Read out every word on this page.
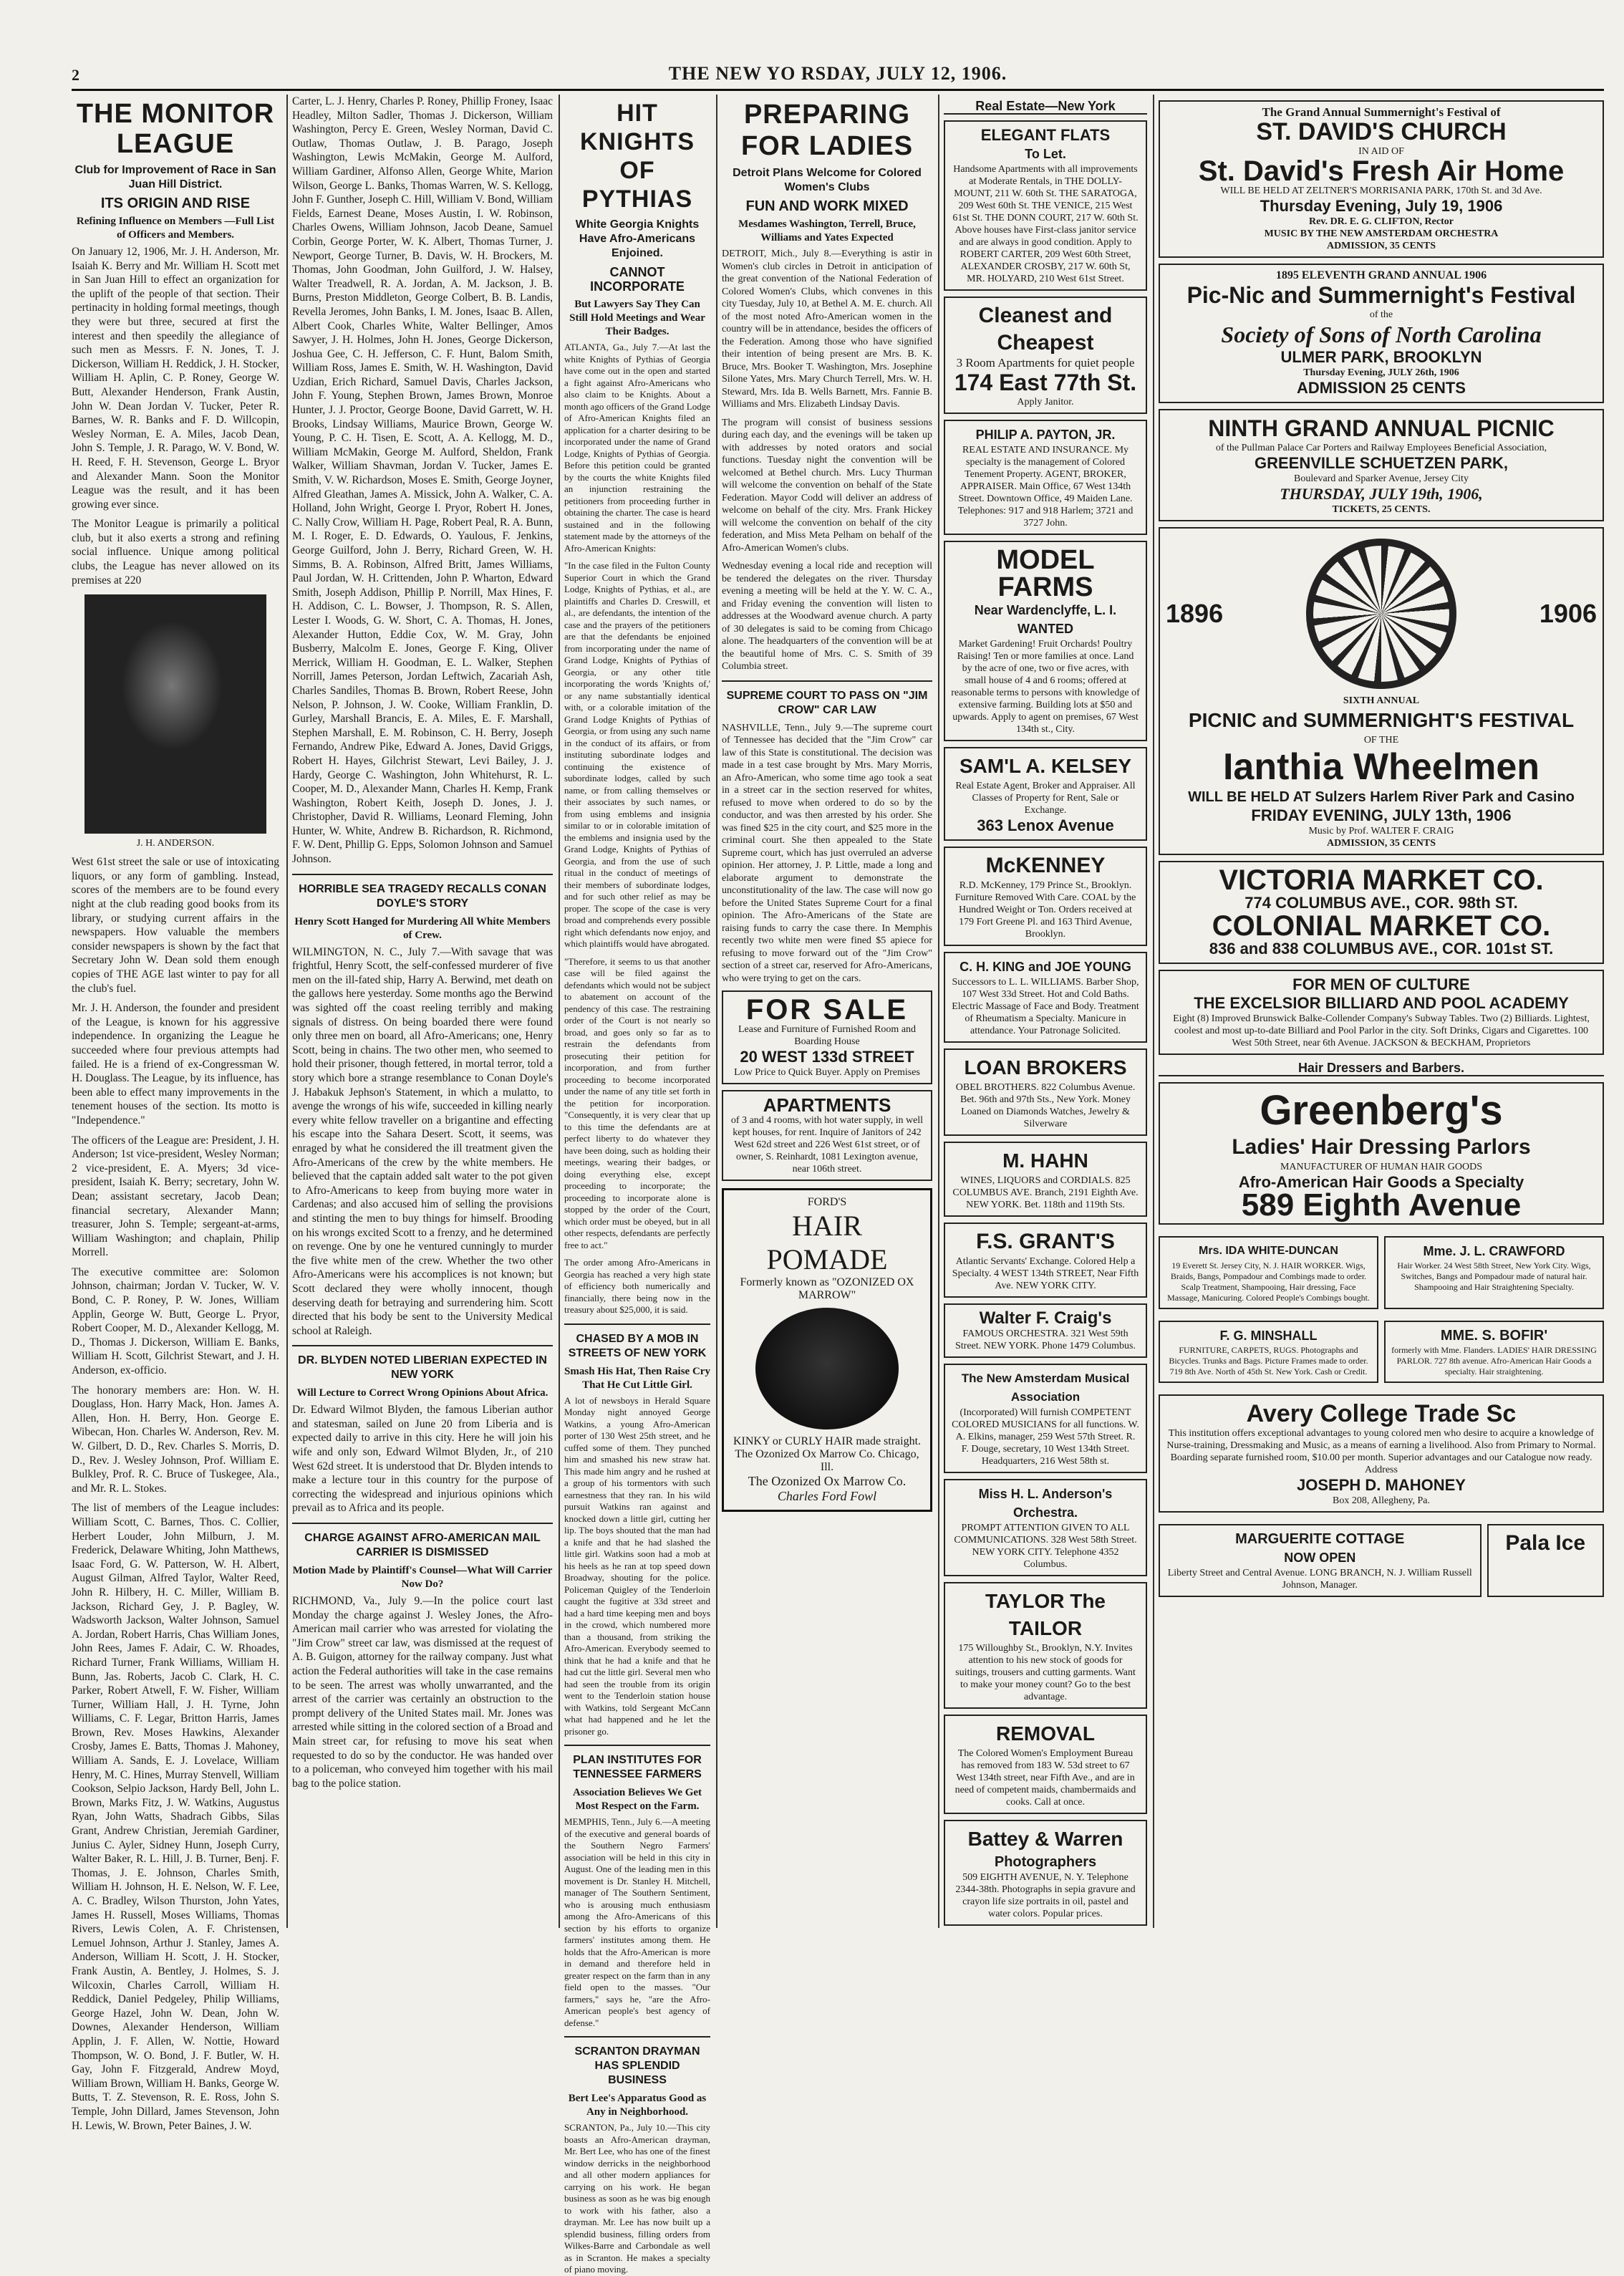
2	THE NEW YO RSDAY, JULY 12, 1906.
THE MONITOR LEAGUE
Club for Improvement of Race in San Juan Hill District.
ITS ORIGIN AND RISE
Refining Influence on Members —Full List of Officers and Members.

On January 12, 1906, Mr. J. H. Anderson, Mr. Isaiah K. Berry and Mr. William H. Scott met in San Juan Hill to effect an organization for the uplift of the people of that section. Their pertinacity in holding formal meetings, though they were but three, secured at first the interest and then speedily the allegiance of such men as Messrs. F. N. Jones, T. J. Dickerson, William H. Reddick, J. H. Stocker, William H. Aplin, C. P. Roney, George W. Butt, Alexander Henderson, Frank Austin, John W. Dean Jordan V. Tucker, Peter R. Barnes, W. R. Banks and F. D. Willcopin, Wesley Norman, E. A. Miles, Jacob Dean, John S. Temple, J. R. Parago, W. V. Bond, W. H. Reed, F. H. Stevenson, George L. Bryor and Alexander Mann. Soon the Monitor League was the result, and it has been growing ever since.

The Monitor League is primarily a political club, but it also exerts a strong and refining social influence. Unique among political clubs, the League has never allowed on its premises at 220

J. H. ANDERSON.

West 61st street the sale or use of intoxicating liquors, or any form of gambling. Instead, scores of the members are to be found every night at the club reading good books from its library, or studying current affairs in the newspapers. How valuable the members consider newspapers is shown by the fact that Secretary John W. Dean sold them enough copies of THE AGE last winter to pay for all the club's fuel.

Mr. J. H. Anderson, the founder and president of the League, is known for his aggressive independence. In organizing the League he succeeded where four previous attempts had failed. He is a friend of ex-Congressman W. H. Douglass. The League, by its influence, has been able to effect many improvements in the tenement houses of the section. Its motto is "Independence."

The officers of the League are: President, J. H. Anderson; 1st vice-president, Wesley Norman; 2 vice-president, E. A. Myers; 3d vice-president, Isaiah K. Berry; secretary, John W. Dean; assistant secretary, Jacob Dean; financial secretary, Alexander Mann; treasurer, John S. Temple; sergeant-at-arms, William Washington; and chaplain, Philip Morrell.

The executive committee are: Solomon Johnson, chairman; Jordan V. Tucker, W. V. Bond, C. P. Roney, P. W. Jones, William Applin, George W. Butt, George L. Pryor, Robert Cooper, M. D., Alexander Kellogg, M. D., Thomas J. Dickerson, William E. Banks, William H. Scott, Gilchrist Stewart, and J. H. Anderson, ex-officio.

The honorary members are: Hon. W. H. Douglass, Hon. Harry Mack, Hon. James A. Allen, Hon. H. Berry, Hon. George E. Wibecan, Hon. Charles W. Anderson, Rev. M. W. Gilbert, D. D., Rev. Charles S. Morris, D. D., Rev. J. Wesley Johnson, Prof. William E. Bulkley, Prof. R. C. Bruce of Tuskegee, Ala., and Mr. R. L. Stokes.

The list of members of the League includes: William Scott, C. Barnes, Thos. C. Collier, Herbert Louder, John Milburn, J. M. Frederick, Delaware Whiting, John Matthews, Isaac Ford, G. W. Patterson, W. H. Albert, August Gilman, Alfred Taylor, Walter Reed, John R. Hilbery, H. C. Miller, William B. Jackson, Richard Gey, J. P. Bagley, W. Wadsworth Jackson, Walter Johnson, Samuel A. Jordan, Robert Harris, Chas William Jones, John Rees, James F. Adair, C. W. Rhoades, Richard Turner, Frank Williams, William H. Bunn, Jas. Roberts, Jacob C. Clark, H. C. Parker, Robert Atwell, F. W. Fisher, William Turner, William Hall, J. H. Tyrne, John Williams, C. F. Legar, Britton Harris, James Brown, Rev. Moses Hawkins, Alexander Crosby, James E. Batts, Thomas J. Mahoney, William A. Sands, E. J. Lovelace, William Henry, M. C. Hines, Murray Stenvell, William Cookson, Selpio Jackson, Hardy Bell, John L. Brown, Marks Fitz, J. W. Watkins, Augustus Ryan, John Watts, Shadrach Gibbs, Silas Grant, Andrew Christian, Jeremiah Gardiner, Junius C. Ayler, Sidney Hunn, Joseph Curry, Walter Baker, R. L. Hill, J. B. Turner, Benj. F. Thomas, J. E. Johnson, Charles Smith, William H. Johnson, H. E. Nelson, W. F. Lee, A. C. Bradley, Wilson Thurston, John Yates, James H. Russell, Moses Williams, Thomas Rivers, Lewis Colen, A. F. Christensen, Lemuel Johnson, Arthur J. Stanley, James A. Anderson, William H. Scott, J. H. Stocker, Frank Austin, A. Bentley, J. Holmes, S. J. Wilcoxin, Charles Carroll, William H. Reddick, Daniel Pedgeley, Philip Williams, George Hazel, John W. Dean, John W. Downes, Alexander Henderson, William Applin, J. F. Allen, W. Nottie, Howard Thompson, W. O. Bond, J. F. Butler, W. H. Gay, John F. Fitzgerald, Andrew Moyd, William Brown, William H. Banks, George W. Butts, T. Z. Stevenson, R. E. Ross, John S. Temple, John Dillard, James Stevenson, John H. Lewis, W. Brown, Peter Baines, J. W.

Carter, L. J. Henry, Charles P. Roney, Phillip Froney, Isaac Headley, Milton Sadler, Thomas J. Dickerson, William Washington, Percy E. Green, Wesley Norman, David C. Outlaw, Thomas Outlaw, J. B. Parago, Joseph Washington, Lewis McMakin, George M. Aulford, William Gardiner, Alfonso Allen, George White, Marion Wilson, George L. Banks, Thomas Warren, W. S. Kellogg, John F. Gunther, Joseph C. Hill, William V. Bond, William Fields, Earnest Deane, Moses Austin, I. W. Robinson, Charles Owens, William Johnson, Jacob Deane, Samuel Corbin, George Porter, W. K. Albert, Thomas Turner, J. Newport, George Turner, B. Davis, W. H. Brockers, M. Thomas, John Goodman, John Guilford, J. W. Halsey, Walter Treadwell, R. A. Jordan, A. M. Jackson, J. B. Burns, Preston Middleton, George Colbert, B. B. Landis, Revella Jeromes, John Banks, I. M. Jones, Isaac B. Allen, Albert Cook, Charles White, Walter Bellinger, Amos Sawyer, J. H. Holmes, John H. Jones, George Dickerson, Joshua Gee, C. H. Jefferson, C. F. Hunt, Balom Smith, William Ross, James E. Smith, W. H. Washington, David Uzdian, Erich Richard, Samuel Davis, Charles Jackson, John F. Young, Stephen Brown, James Brown, Monroe Hunter, J. J. Proctor, George Boone, David Garrett, W. H. Brooks, Lindsay Williams, Maurice Brown, George W. Young, P. C. H. Tisen, E. Scott, A. A. Kellogg, M. D., William McMakin, George M. Aulford, Sheldon, Frank Walker, William Shavman, Jordan V. Tucker, James E. Smith, V. W. Richardson, Moses E. Smith, George Joyner, Alfred Gleathan, James A. Missick, John A. Walker, C. A. Holland, John Wright, George I. Pryor, Robert H. Jones, C. Nally Crow, William H. Page, Robert Peal, R. A. Bunn, M. I. Roger, E. D. Edwards, O. Yaulous, F. Jenkins, George Guilford, John J. Berry, Richard Green, W. H. Simms, B. A. Robinson, Alfred Britt, James Williams, Paul Jordan, W. H. Crittenden, John P. Wharton, Edward Smith, Joseph Addison, Phillip P. Norrill, Max Hines, F. H. Addison, C. L. Bowser, J. Thompson, R. S. Allen, Lester I. Woods, G. W. Short, C. A. Thomas, H. Jones, Alexander Hutton, Eddie Cox, W. M. Gray, John Busberry, Malcolm E. Jones, George F. King, Oliver Merrick, William H. Goodman, E. L. Walker, Stephen Norrill, James Peterson, Jordan Leftwich, Zacariah Ash, Charles Sandiles, Thomas B. Brown, Robert Reese, John Nelson, P. Johnson, J. W. Cooke, William Franklin, D. Gurley, Marshall Brancis, E. A. Miles, E. F. Marshall, Stephen Marshall, E. M. Robinson, C. H. Berry, Joseph Fernando, Andrew Pike, Edward A. Jones, David Griggs, Robert H. Hayes, Gilchrist Stewart, Levi Bailey, J. J. Hardy, George C. Washington, John Whitehurst, R. L. Cooper, M. D., Alexander Mann, Charles H. Kemp, Frank Washington, Robert Keith, Joseph D. Jones, J. J. Christopher, David R. Williams, Leonard Fleming, John Hunter, W. White, Andrew B. Richardson, R. Richmond, F. W. Dent, Phillip G. Epps, Solomon Johnson and Samuel Johnson.

HORRIBLE SEA TRAGEDY RECALLS CONAN DOYLE'S STORY
Henry Scott Hanged for Murdering All White Members of Crew.

WILMINGTON, N. C., July 7.—With savage that was frightful, Henry Scott, the self-confessed murderer of five men on the ill-fated ship, Harry A. Berwind, met death on the gallows here yesterday. Some months ago the Berwind was sighted off the coast reeling terribly and making signals of distress. On being boarded there were found only three men on board, all Afro-Americans; one, Henry Scott, being in chains. The two other men, who seemed to hold their prisoner, though fettered, in mortal terror, told a story which bore a strange resemblance to Conan Doyle's J. Habakuk Jephson's Statement, in which a mulatto, to avenge the wrongs of his wife, succeeded in killing nearly every white fellow traveller on a brigantine and effecting his escape into the Sahara Desert. Scott, it seems, was enraged by what he considered the ill treatment given the Afro-Americans of the crew by the white members. He believed that the captain added salt water to the pot given to Afro-Americans to keep from buying more water in Cardenas; and also accused him of selling the provisions and stinting the men to buy things for himself. Brooding on his wrongs excited Scott to a frenzy, and he determined on revenge. One by one he ventured cunningly to murder the five white men of the crew. Whether the two other Afro-Americans were his accomplices is not known; but Scott declared they were wholly innocent, though deserving death for betraying and surrendering him. Scott directed that his body be sent to the University Medical school at Raleigh.

DR. BLYDEN NOTED LIBERIAN EXPECTED IN NEW YORK
Will Lecture to Correct Wrong Opinions About Africa.

Dr. Edward Wilmot Blyden, the famous Liberian author and statesman, sailed on June 20 from Liberia and is expected daily to arrive in this city. Here he will join his wife and only son, Edward Wilmot Blyden, Jr., of 210 West 62d street. It is understood that Dr. Blyden intends to make a lecture tour in this country for the purpose of correcting the widespread and injurious opinions which prevail as to Africa and its people.

CHARGE AGAINST AFRO-AMERICAN MAIL CARRIER IS DISMISSED
Motion Made by Plaintiff's Counsel—What Will Carrier Now Do?

RICHMOND, Va., July 9.—In the police court last Monday the charge against J. Wesley Jones, the Afro-American mail carrier who was arrested for violating the "Jim Crow" street car law, was dismissed at the request of A. B. Guigon, attorney for the railway company. Just what action the Federal authorities will take in the case remains to be seen. The arrest was wholly unwarranted, and the arrest of the carrier was certainly an obstruction to the prompt delivery of the United States mail. Mr. Jones was arrested while sitting in the colored section of a Broad and Main street car, for refusing to move his seat when requested to do so by the conductor. He was handed over to a policeman, who conveyed him together with his mail bag to the police station.

HIT KNIGHTS OF PYTHIAS
White Georgia Knights Have Afro-Americans Enjoined.
CANNOT INCORPORATE
But Lawyers Say They Can Still Hold Meetings and Wear Their Badges.

ATLANTA, Ga., July 7.—At last the white Knights of Pythias of Georgia have come out in the open and started a fight against Afro-Americans who also claim to be Knights. About a month ago officers of the Grand Lodge of Afro-American Knights filed an application for a charter desiring to be incorporated under the name of Grand Lodge, Knights of Pythias of Georgia. Before this petition could be granted by the courts the white Knights filed an injunction restraining the petitioners from proceeding further in obtaining the charter. The case is heard sustained and in the following statement made by the attorneys of the Afro-American Knights:

"In the case filed in the Fulton County Superior Court in which the Grand Lodge, Knights of Pythias, et al., are plaintiffs and Charles D. Creswill, et al., are defendants, the intention of the case and the prayers of the petitioners are that the defendants be enjoined from incorporating under the name of Grand Lodge, Knights of Pythias of Georgia, or any other title incorporating the words 'Knights of,' or any name substantially identical with, or a colorable imitation of the Grand Lodge Knights of Pythias of Georgia, or from using any such name in the conduct of its affairs, or from instituting subordinate lodges and continuing the existence of subordinate lodges, called by such name, or from calling themselves or their associates by such names, or from using emblems and insignia similar to or in colorable imitation of the emblems and insignia used by the Grand Lodge, Knights of Pythias of Georgia, and from the use of such ritual in the conduct of meetings of their members of subordinate lodges, and for such other relief as may be proper. The scope of the case is very broad and comprehends every possible right which defendants now enjoy, and which plaintiffs would have abrogated.

"Therefore, it seems to us that another case will be filed against the defendants which would not be subject to abatement on account of the pendency of this case. The restraining order of the Court is not nearly so broad, and goes only so far as to restrain the defendants from prosecuting their petition for incorporation, and from further proceeding to become incorporated under the name of any title set forth in the petition for incorporation. "Consequently, it is very clear that up to this time the defendants are at perfect liberty to do whatever they have been doing, such as holding their meetings, wearing their badges, or doing everything else, except proceeding to incorporate; the proceeding to incorporate alone is stopped by the order of the Court, which order must be obeyed, but in all other respects, defendants are perfectly free to act."

The order among Afro-Americans in Georgia has reached a very high state of efficiency both numerically and financially, there being now in the treasury about $25,000, it is said.

CHASED BY A MOB IN STREETS OF NEW YORK
Smash His Hat, Then Raise Cry That He Cut Little Girl.

A lot of newsboys in Herald Square Monday night annoyed George Watkins, a young Afro-American porter of 130 West 25th street, and he cuffed some of them. They punched him and smashed his new straw hat. This made him angry and he rushed at a group of his tormentors with such earnestness that they ran. In his wild pursuit Watkins ran against and knocked down a little girl, cutting her lip. The boys shouted that the man had a knife and that he had slashed the little girl. Watkins soon had a mob at his heels as he ran at top speed down Broadway, shouting for the police. Policeman Quigley of the Tenderloin caught the fugitive at 33d street and had a hard time keeping men and boys in the crowd, which numbered more than a thousand, from striking the Afro-American. Everybody seemed to think that he had a knife and that he had cut the little girl. Several men who had seen the trouble from its origin went to the Tenderloin station house with Watkins, told Sergeant McCann what had happened and he let the prisoner go.

PLAN INSTITUTES FOR TENNESSEE FARMERS
Association Believes We Get Most Respect on the Farm.

MEMPHIS, Tenn., July 6.—A meeting of the executive and general boards of the Southern Negro Farmers' association will be held in this city in August. One of the leading men in this movement is Dr. Stanley H. Mitchell, manager of The Southern Sentiment, who is arousing much enthusiasm among the Afro-Americans of this section by his efforts to organize farmers' institutes among them. He holds that the Afro-American is more in demand and therefore held in greater respect on the farm than in any field open to the masses. "Our farmers," says he, "are the Afro-American people's best agency of defense."

SCRANTON DRAYMAN HAS SPLENDID BUSINESS
Bert Lee's Apparatus Good as Any in Neighborhood.

SCRANTON, Pa., July 10.—This city boasts an Afro-American drayman, Mr. Bert Lee, who has one of the finest window derricks in the neighborhood and all other modern appliances for carrying on his work. He began business as soon as he was big enough to work with his father, also a drayman. Mr. Lee has now built up a splendid business, filling orders from Wilkes-Barre and Carbondale as well as in Scranton. He makes a specialty of piano moving.

PREPARING FOR LADIES
Detroit Plans Welcome for Colored Women's Clubs
FUN AND WORK MIXED
Mesdames Washington, Terrell, Bruce, Williams and Yates Expected

DETROIT, Mich., July 8.—Everything is astir in Women's club circles in Detroit in anticipation of the great convention of the National Federation of Colored Women's Clubs, which convenes in this city Tuesday, July 10, at Bethel A. M. E. church. All of the most noted Afro-American women in the country will be in attendance, besides the officers of the Federation. Among those who have signified their intention of being present are Mrs. B. K. Bruce, Mrs. Booker T. Washington, Mrs. Josephine Silone Yates, Mrs. Mary Church Terrell, Mrs. W. H. Steward, Mrs. Ida B. Wells Barnett, Mrs. Fannie B. Williams and Mrs. Elizabeth Lindsay Davis.

The program will consist of business sessions during each day, and the evenings will be taken up with addresses by noted orators and social functions. Tuesday night the convention will be welcomed at Bethel church. Mrs. Lucy Thurman will welcome the convention on behalf of the State Federation. Mayor Codd will deliver an address of welcome on behalf of the city. Mrs. Frank Hickey will welcome the convention on behalf of the city federation, and Miss Meta Pelham on behalf of the Afro-American Women's clubs.

Wednesday evening a local ride and reception will be tendered the delegates on the river. Thursday evening a meeting will be held at the Y. W. C. A., and Friday evening the convention will listen to addresses at the Woodward avenue church. A party of 30 delegates is said to be coming from Chicago alone. The headquarters of the convention will be at the beautiful home of Mrs. C. S. Smith of 39 Columbia street.

SUPREME COURT TO PASS ON "JIM CROW" CAR LAW

NASHVILLE, Tenn., July 9.—The supreme court of Tennessee has decided that the "Jim Crow" car law of this State is constitutional. The decision was made in a test case brought by Mrs. Mary Morris, an Afro-American, who some time ago took a seat in a street car in the section reserved for whites, refused to move when ordered to do so by the conductor, and was then arrested by his order. She was fined $25 in the city court, and $25 more in the criminal court. She then appealed to the State Supreme court, which has just overruled an adverse opinion. Her attorney, J. P. Little, made a long and elaborate argument to demonstrate the unconstitutionality of the law. The case will now go before the United States Supreme Court for a final opinion. The Afro-Americans of the State are raising funds to carry the case there. In Memphis recently two white men were fined $5 apiece for refusing to move forward out of the "Jim Crow" section of a street car, reserved for Afro-Americans, who were trying to get on the cars.

FOR SALE
Lease and Furniture of Furnished Room and Boarding House
20 WEST 133d STREET
Low Price to Quick Buyer. Apply on Premises
APARTMENTS
of 3 and 4 rooms, with hot water supply, in well kept houses, for rent. Inquire of Janitors of 242 West 62d street and 226 West 61st street, or of owner, S. Reinhardt, 1081 Lexington avenue, near 106th street.
FORD'S
HAIR POMADE
Formerly known as "OZONIZED OX MARROW"
KINKY or CURLY HAIR made straight. The Ozonized Ox Marrow Co. Chicago, Ill.
The Ozonized Ox Marrow Co.
Charles Ford Fowl
Real Estate—New York
ELEGANT FLATS
To Let.
Handsome Apartments with all improvements at Moderate Rentals, in THE DOLLY-MOUNT, 211 W. 60th St. THE SARATOGA, 209 West 60th St. THE VENICE, 215 West 61st St. THE DONN COURT, 217 W. 60th St. Above houses have First-class janitor service and are always in good condition. Apply to ROBERT CARTER, 209 West 60th Street, ALEXANDER CROSBY, 217 W. 60th St, MR. HOLYARD, 210 West 61st Street.
Cleanest and Cheapest
3 Room Apartments for quiet people
174 East 77th St.
Apply Janitor.
PHILIP A. PAYTON, JR.
REAL ESTATE AND INSURANCE. My specialty is the management of Colored Tenement Property. AGENT, BROKER, APPRAISER. Main Office, 67 West 134th Street. Downtown Office, 49 Maiden Lane. Telephones: 917 and 918 Harlem; 3721 and 3727 John.
MODEL FARMS
Near Wardenclyffe, L. I.
WANTED
Market Gardening! Fruit Orchards! Poultry Raising! Ten or more families at once. Land by the acre of one, two or five acres, with small house of 4 and 6 rooms; offered at reasonable terms to persons with knowledge of extensive farming. Building lots at $50 and upwards. Apply to agent on premises, 67 West 134th st., City.
SAM'L A. KELSEY
Real Estate Agent, Broker and Appraiser. All Classes of Property for Rent, Sale or Exchange.
363 Lenox Avenue
McKENNEY
R.D. McKenney, 179 Prince St., Brooklyn. Furniture Removed With Care. COAL by the Hundred Weight or Ton. Orders received at 179 Fort Greene Pl. and 163 Third Avenue, Brooklyn.
C. H. KING and JOE YOUNG
Successors to L. L. WILLIAMS. Barber Shop, 107 West 33d Street. Hot and Cold Baths. Electric Massage of Face and Body. Treatment of Rheumatism a Specialty. Manicure in attendance. Your Patronage Solicited.
LOAN BROKERS
OBEL BROTHERS. 822 Columbus Avenue. Bet. 96th and 97th Sts., New York. Money Loaned on Diamonds Watches, Jewelry & Silverware
M. HAHN
WINES, LIQUORS and CORDIALS. 825 COLUMBUS AVE. Branch, 2191 Eighth Ave. NEW YORK. Bet. 118th and 119th Sts.
F.S. GRANT'S
Atlantic Servants' Exchange. Colored Help a Specialty. 4 WEST 134th STREET, Near Fifth Ave. NEW YORK CITY.
Walter F. Craig's
FAMOUS ORCHESTRA. 321 West 59th Street. NEW YORK. Phone 1479 Columbus.
The New Amsterdam Musical Association
(Incorporated) Will furnish COMPETENT COLORED MUSICIANS for all functions. W. A. Elkins, manager, 259 West 57th Street. R. F. Douge, secretary, 10 West 134th Street. Headquarters, 216 West 58th st.
Miss H. L. Anderson's Orchestra.
PROMPT ATTENTION GIVEN TO ALL COMMUNICATIONS. 328 West 58th Street. NEW YORK CITY. Telephone 4352 Columbus.
TAYLOR The TAILOR
175 Willoughby St., Brooklyn, N.Y. Invites attention to his new stock of goods for suitings, trousers and cutting garments. Want to make your money count? Go to the best advantage.
REMOVAL
The Colored Women's Employment Bureau has removed from 183 W. 53d street to 67 West 134th street, near Fifth Ave., and are in need of competent maids, chambermaids and cooks. Call at once.
Battey & Warren
Photographers
509 EIGHTH AVENUE, N. Y. Telephone 2344-38th. Photographs in sepia gravure and crayon life size portraits in oil, pastel and water colors. Popular prices.
The Grand Annual Summernight's Festival of
ST. DAVID'S CHURCH
IN AID OF
St. David's Fresh Air Home
WILL BE HELD AT ZELTNER'S MORRISANIA PARK, 170th St. and 3d Ave.
Thursday Evening, July 19, 1906
Rev. DR. E. G. CLIFTON, Rector
MUSIC BY THE NEW AMSTERDAM ORCHESTRA
ADMISSION, 35 CENTS
1895 ELEVENTH GRAND ANNUAL 1906
Pic-Nic and Summernight's Festival
of the
Society of Sons of North Carolina
ULMER PARK, BROOKLYN
Thursday Evening, JULY 26th, 1906
ADMISSION 25 CENTS
NINTH GRAND ANNUAL PICNIC
of the Pullman Palace Car Porters and Railway Employees Beneficial Association,
GREENVILLE SCHUETZEN PARK,
Boulevard and Sparker Avenue, Jersey City
THURSDAY, JULY 19th, 1906,
TICKETS, 25 CENTS.
1896	1906
SIXTH ANNUAL
PICNIC and SUMMERNIGHT'S FESTIVAL
OF THE
Ianthia Wheelmen
WILL BE HELD AT Sulzers Harlem River Park and Casino
FRIDAY EVENING, JULY 13th, 1906
Music by Prof. WALTER F. CRAIG
ADMISSION, 35 CENTS
VICTORIA MARKET CO.
774 COLUMBUS AVE., COR. 98th ST.
COLONIAL MARKET CO.
836 and 838 COLUMBUS AVE., COR. 101st ST.
FOR MEN OF CULTURE
THE EXCELSIOR BILLIARD AND POOL ACADEMY
Eight (8) Improved Brunswick Balke-Collender Company's Subway Tables. Two (2) Billiards. Lightest, coolest and most up-to-date Billiard and Pool Parlor in the city. Soft Drinks, Cigars and Cigarettes. 100 West 50th Street, near 6th Avenue. JACKSON & BECKHAM, Proprietors
Hair Dressers and Barbers.
Greenberg's
Ladies' Hair Dressing Parlors
MANUFACTURER OF HUMAN HAIR GOODS
Afro-American Hair Goods a Specialty
589 Eighth Avenue
Mrs. IDA WHITE-DUNCAN
19 Everett St. Jersey City, N. J. HAIR WORKER. Wigs, Braids, Bangs, Pompadour and Combings made to order. Scalp Treatment, Shampooing, Hair dressing, Face Massage, Manicuring. Colored People's Combings bought.
Mme. J. L. CRAWFORD
Hair Worker. 24 West 58th Street, New York City. Wigs, Switches, Bangs and Pompadour made of natural hair. Shampooing and Hair Straightening Specialty.
F. G. MINSHALL
FURNITURE, CARPETS, RUGS. Photographs and Bicycles. Trunks and Bags. Picture Frames made to order. 719 8th Ave. North of 45th St. New York. Cash or Credit.
MME. S. BOFIR'
formerly with Mme. Flanders. LADIES' HAIR DRESSING PARLOR. 727 8th avenue. Afro-American Hair Goods a specialty. Hair straightening.
Avery College Trade Sc
This institution offers exceptional advantages to young colored men who desire to acquire a knowledge of Nurse-training, Dressmaking and Music, as a means of earning a livelihood. Also from Primary to Normal. Boarding separate furnished room, $10.00 per month. Superior advantages and our Catalogue now ready. Address
JOSEPH D. MAHONEY
Box 208, Allegheny, Pa.
MARGUERITE COTTAGE
NOW OPEN
Liberty Street and Central Avenue. LONG BRANCH, N. J. William Russell Johnson, Manager.
Pala Ice
